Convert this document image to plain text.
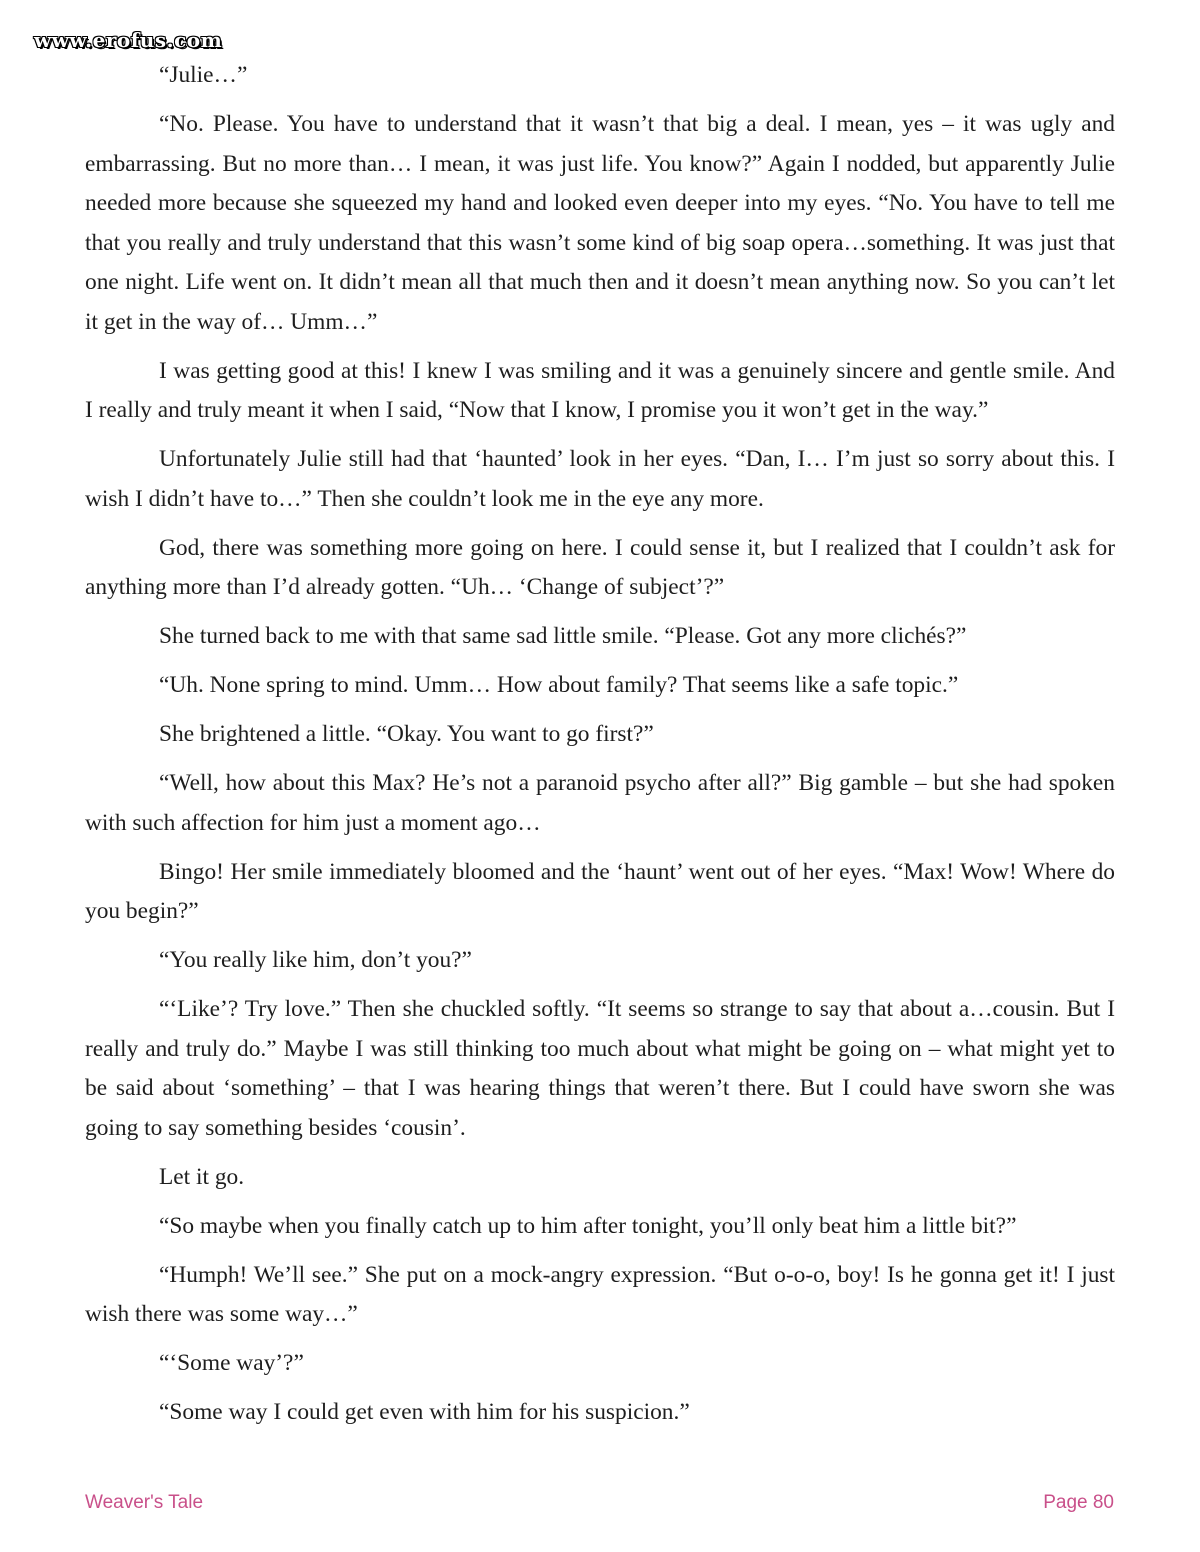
www.erofus.com

“Julie…”

“No. Please. You have to understand that it wasn’t that big a deal. I mean, yes – it was ugly and embarrassing. But no more than… I mean, it was just life. You know?” Again I nodded, but apparently Julie needed more because she squeezed my hand and looked even deeper into my eyes. “No. You have to tell me that you really and truly understand that this wasn’t some kind of big soap opera…something. It was just that one night. Life went on. It didn’t mean all that much then and it doesn’t mean anything now. So you can’t let it get in the way of… Umm…”

I was getting good at this! I knew I was smiling and it was a genuinely sincere and gentle smile. And I really and truly meant it when I said, “Now that I know, I promise you it won’t get in the way.”

Unfortunately Julie still had that ‘haunted’ look in her eyes. “Dan, I… I’m just so sorry about this. I wish I didn’t have to…” Then she couldn’t look me in the eye any more.

God, there was something more going on here. I could sense it, but I realized that I couldn’t ask for anything more than I’d already gotten. “Uh… ‘Change of subject’?”

She turned back to me with that same sad little smile. “Please. Got any more clichés?”

“Uh. None spring to mind. Umm… How about family? That seems like a safe topic.”

She brightened a little. “Okay. You want to go first?”

“Well, how about this Max? He’s not a paranoid psycho after all?” Big gamble – but she had spoken with such affection for him just a moment ago…

Bingo! Her smile immediately bloomed and the ‘haunt’ went out of her eyes. “Max! Wow! Where do you begin?”

“You really like him, don’t you?”

“‘Like’? Try love.” Then she chuckled softly. “It seems so strange to say that about a…cousin. But I really and truly do.” Maybe I was still thinking too much about what might be going on – what might yet to be said about ‘something’ – that I was hearing things that weren’t there. But I could have sworn she was going to say something besides ‘cousin’.

Let it go.

“So maybe when you finally catch up to him after tonight, you’ll only beat him a little bit?”

“Humph! We’ll see.” She put on a mock-angry expression. “But o-o-o, boy! Is he gonna get it! I just wish there was some way…”

“‘Some way’?”

“Some way I could get even with him for his suspicion.”

Weaver's Tale	Page 80
